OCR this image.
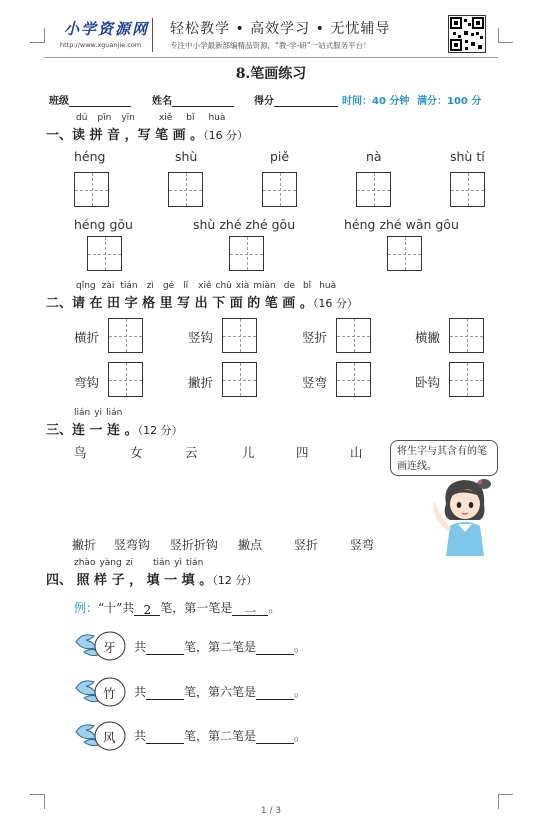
小学资源网
http://www.xguanjie.com
轻松教学 • 高效学习 • 无忧辅导
专注中小学最新部编精品资源，“教-学-研”一站式服务平台！
8.笔画练习
班级	姓名	得分	时间：40 分钟 满分：100 分
dú pīn yīn	xiě bǐ huà
一、读 拼 音 ，写 笔 画 。（16 分）
héng	shù	piě	nà	shù tí
héng gōu	shù zhé zhé gōu	héng zhé wān gōu
qǐng zài tián zì gé lǐ xiě chū xià miàn de bǐ huà
二、请 在 田 字 格 里 写 出 下 面 的 笔 画 。（16 分）
横折	竖钩	竖折	横撇
弯钩	撇折	竖弯	卧钩
lián yi lián
三、连 一 连 。（12 分）
鸟	女	云	儿	四	山	将生字与其含有的笔画连线。
撇折 竖弯钩 竖折折钩 撇点	竖折	竖弯
zhào yàng zi tián yì tián
四、 照 样 子 ， 填 一 填 。（12 分）
例：“十”共 2 笔，第一笔是 一 。
牙 共	笔，第二笔是	。
竹 共	笔，第六笔是	。
风 共	笔，第二笔是	。
1 / 3
